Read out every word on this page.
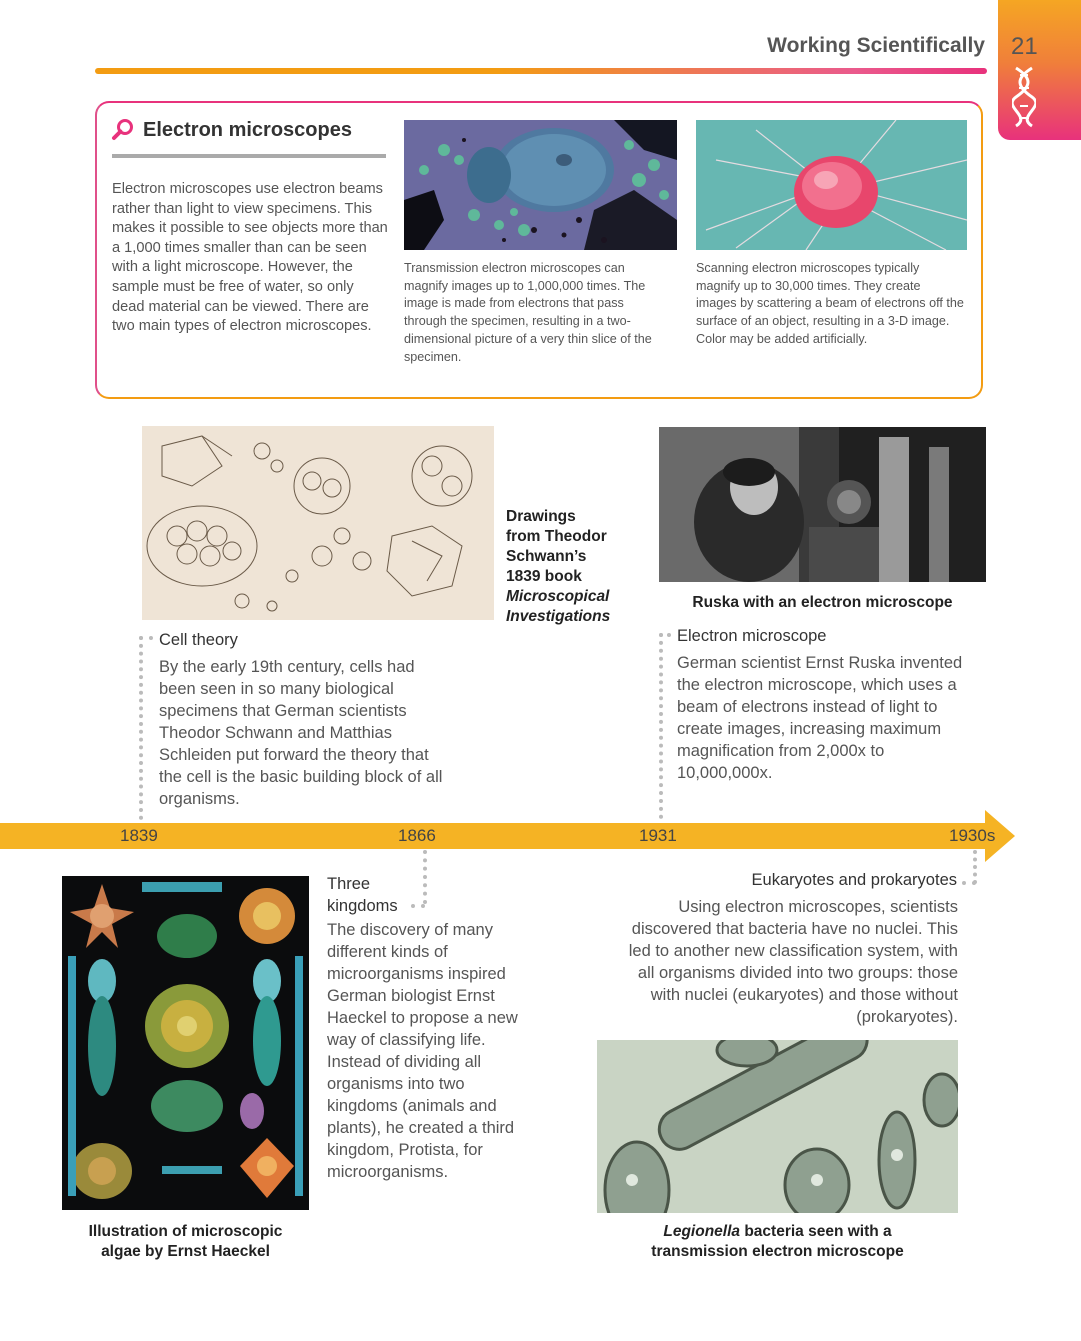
Working Scientifically 21
Electron microscopes
Electron microscopes use electron beams rather than light to view specimens. This makes it possible to see objects more than a 1,000 times smaller than can be seen with a light microscope. However, the sample must be free of water, so only dead material can be viewed. There are two main types of electron microscopes.
Transmission electron microscopes can magnify images up to 1,000,000 times. The image is made from electrons that pass through the specimen, resulting in a two-dimensional picture of a very thin slice of the specimen.
Scanning electron microscopes typically magnify up to 30,000 times. They create images by scattering a beam of electrons off the surface of an object, resulting in a 3-D image. Color may be added artificially.
Drawings
from Theodor
Schwann’s
1839 book
Microscopical
Investigations
Ruska with an electron microscope
Cell theory
By the early 19th century, cells had been seen in so many biological specimens that German scientists Theodor Schwann and Matthias Schleiden put forward the theory that the cell is the basic building block of all organisms.
Electron microscope
German scientist Ernst Ruska invented the electron microscope, which uses a beam of electrons instead of light to create images, increasing maximum magnification from 2,000x to 10,000,000x.
1839	1866	1931	1930s
Three
kingdoms
The discovery of many different kinds of microorganisms inspired German biologist Ernst Haeckel to propose a new way of classifying life. Instead of dividing all organisms into two kingdoms (animals and plants), he created a third kingdom, Protista, for microorganisms.
Eukaryotes and prokaryotes
Using electron microscopes, scientists discovered that bacteria have no nuclei. This led to another new classification system, with all organisms divided into two groups: those with nuclei (eukaryotes) and those without (prokaryotes).
Illustration of microscopic
algae by Ernst Haeckel
Legionella bacteria seen with a
transmission electron microscope
